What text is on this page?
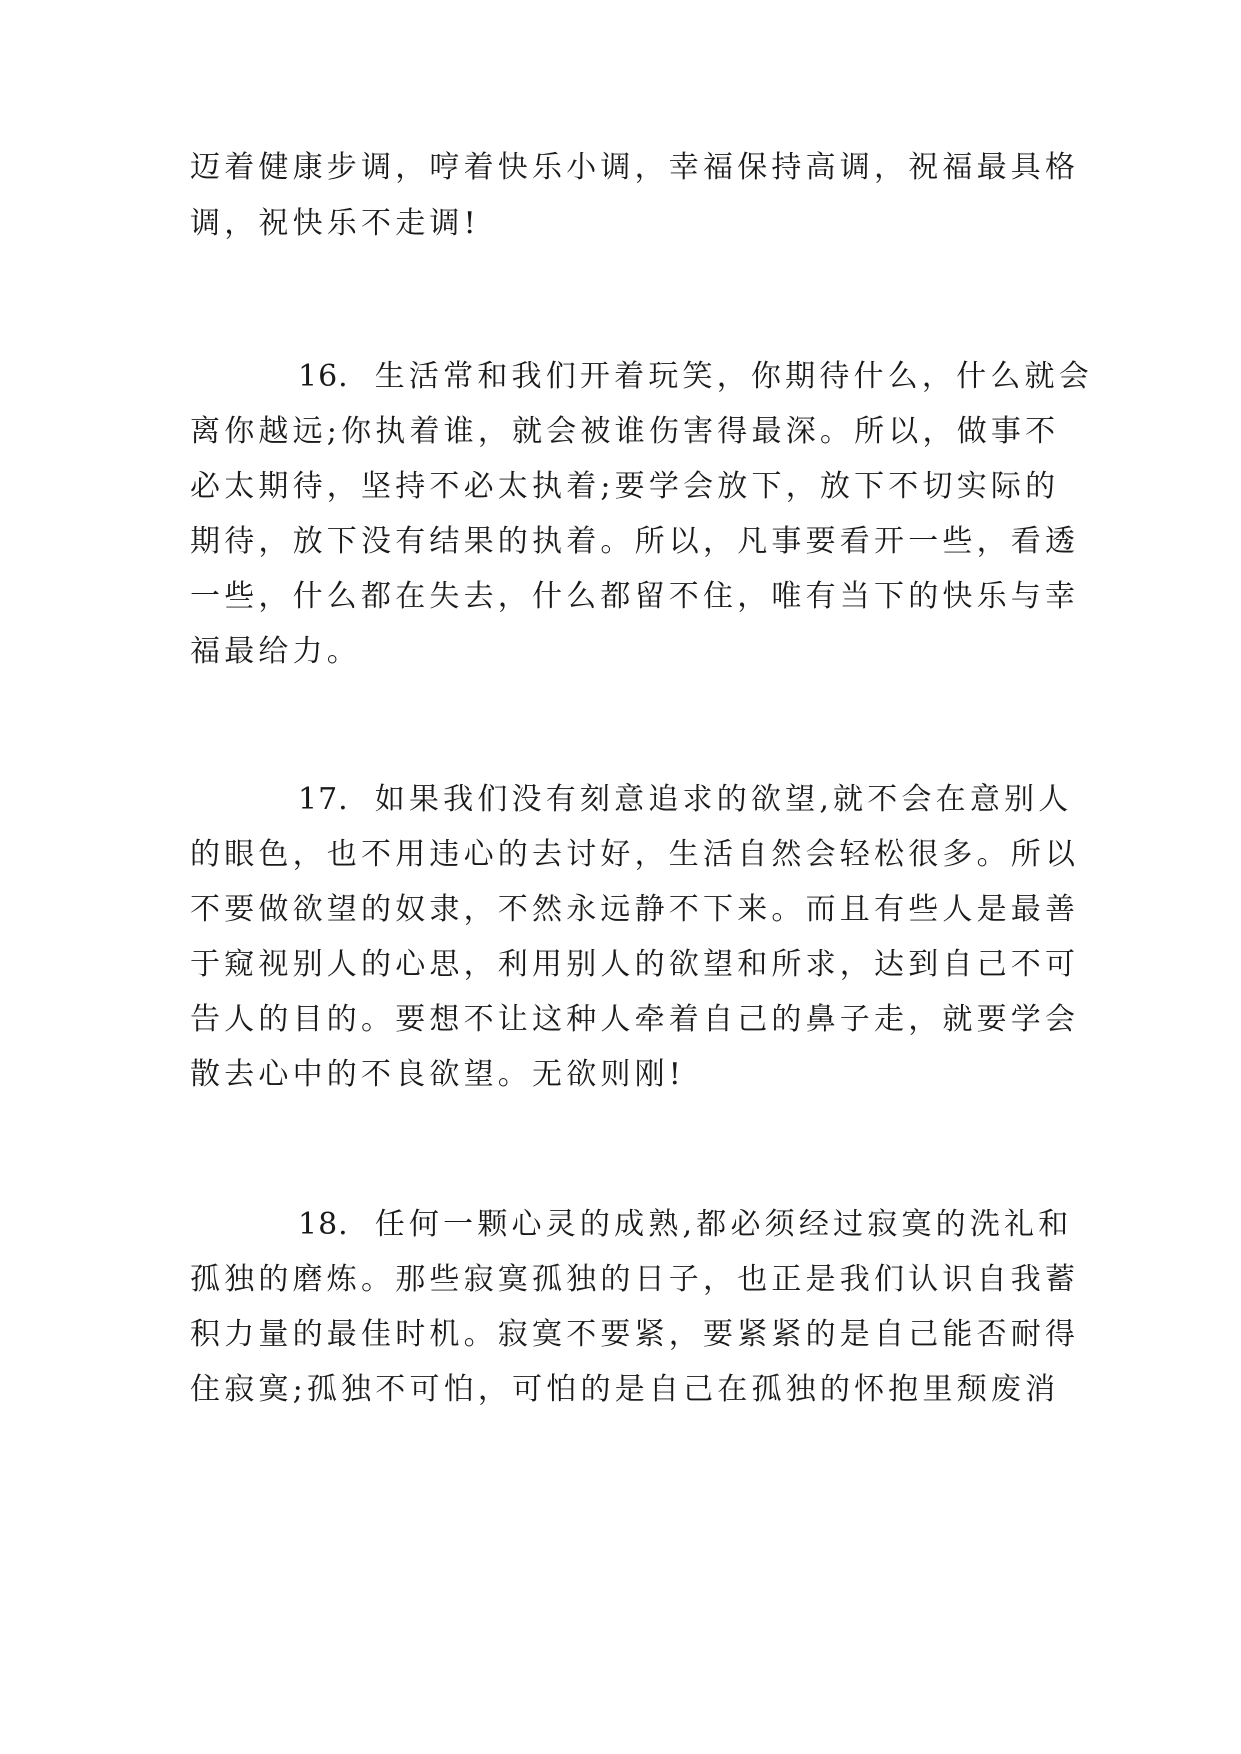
迈着健康步调，哼着快乐小调，幸福保持高调，祝福最具格
调，祝快乐不走调!
16. 生活常和我们开着玩笑，你期待什么，什么就会
离你越远;你执着谁，就会被谁伤害得最深。所以，做事不
必太期待，坚持不必太执着;要学会放下，放下不切实际的
期待，放下没有结果的执着。所以，凡事要看开一些，看透
一些，什么都在失去，什么都留不住，唯有当下的快乐与幸
福最给力。
17. 如果我们没有刻意追求的欲望,就不会在意别人
的眼色，也不用违心的去讨好，生活自然会轻松很多。所以
不要做欲望的奴隶，不然永远静不下来。而且有些人是最善
于窥视别人的心思，利用别人的欲望和所求，达到自己不可
告人的目的。要想不让这种人牵着自己的鼻子走，就要学会
散去心中的不良欲望。无欲则刚!
18. 任何一颗心灵的成熟,都必须经过寂寞的洗礼和
孤独的磨炼。那些寂寞孤独的日子，也正是我们认识自我蓄
积力量的最佳时机。寂寞不要紧，要紧紧的是自己能否耐得
住寂寞;孤独不可怕，可怕的是自己在孤独的怀抱里颓废消
